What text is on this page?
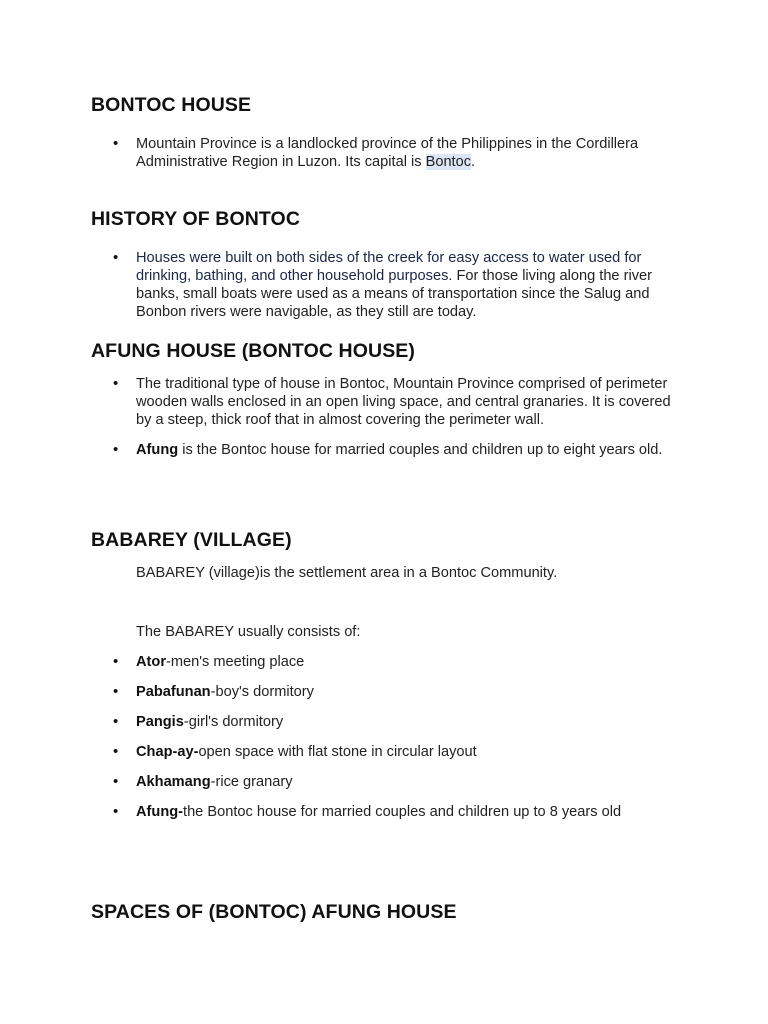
BONTOC HOUSE
• Mountain Province is a landlocked province of the Philippines in the Cordillera Administrative Region in Luzon. Its capital is Bontoc.
HISTORY OF BONTOC
• Houses were built on both sides of the creek for easy access to water used for drinking, bathing, and other household purposes. For those living along the river banks, small boats were used as a means of transportation since the Salug and Bonbon rivers were navigable, as they still are today.
AFUNG HOUSE (BONTOC HOUSE)
• The traditional type of house in Bontoc, Mountain Province comprised of perimeter wooden walls enclosed in an open living space, and central granaries. It is covered by a steep, thick roof that in almost covering the perimeter wall.
• Afung is the Bontoc house for married couples and children up to eight years old.
BABAREY (VILLAGE)

BABAREY (village)is the settlement area in a Bontoc Community.

The BABAREY usually consists of:

• Ator-men's meeting place
• Pabafunan-boy's dormitory
• Pangis-girl's dormitory
• Chap-ay-open space with flat stone in circular layout
• Akhamang-rice granary
• Afung-the Bontoc house for married couples and children up to 8 years old
SPACES OF (BONTOC) AFUNG HOUSE
